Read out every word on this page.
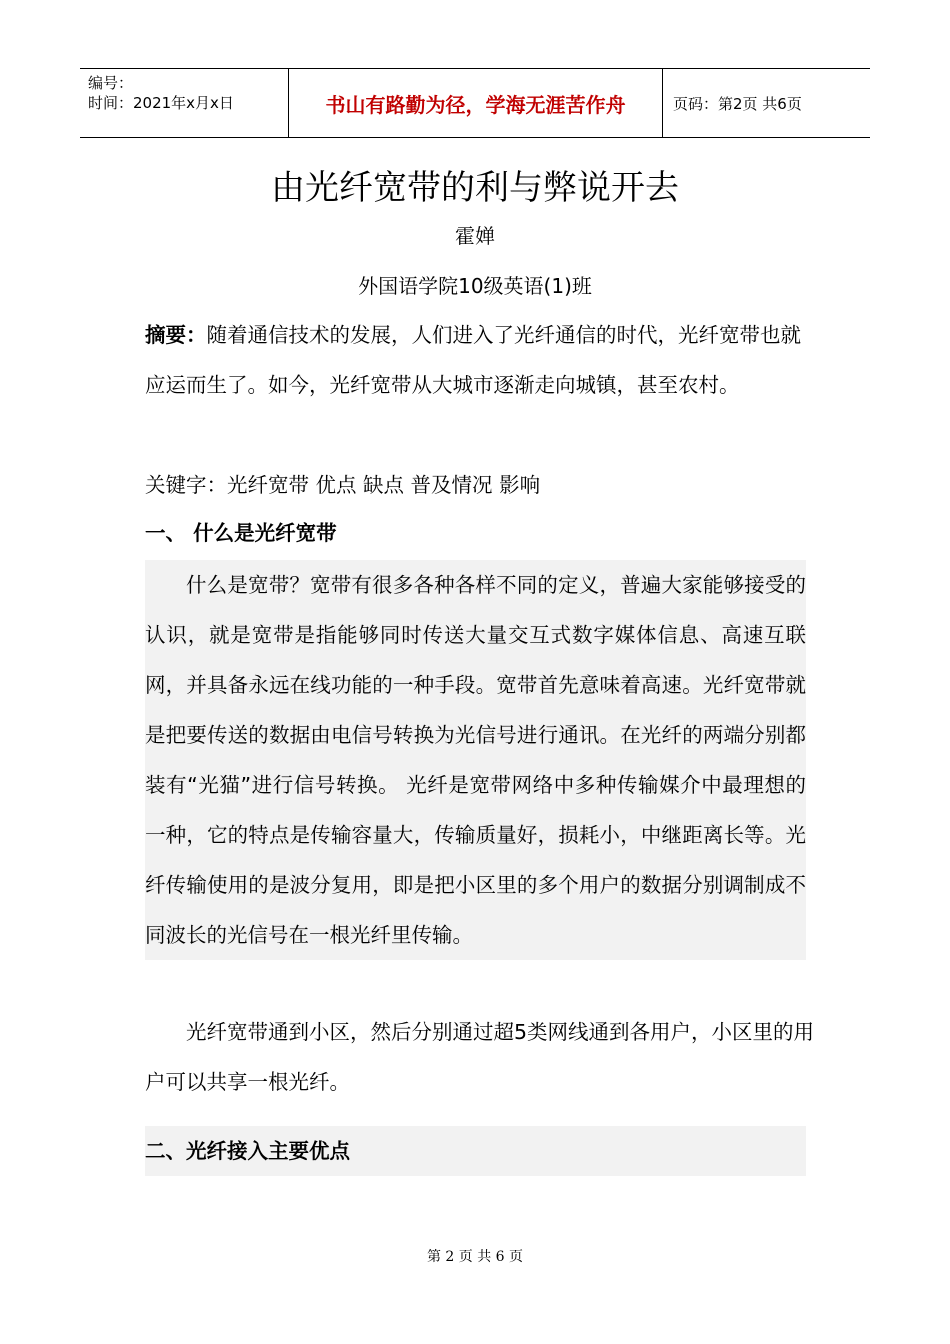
编号：
时间：2021年x月x日	书山有路勤为径，学海无涯苦作舟	页码：第2页 共6页
由光纤宽带的利与弊说开去
霍婵
外国语学院10级英语(1)班

摘要：随着通信技术的发展，人们进入了光纤通信的时代，光纤宽带也就应运而生了。如今，光纤宽带从大城市逐渐走向城镇，甚至农村。

关键字：光纤宽带 优点 缺点 普及情况 影响

一、 什么是光纤宽带

什么是宽带？宽带有很多各种各样不同的定义，普遍大家能够接受的认识，就是宽带是指能够同时传送大量交互式数字媒体信息、高速互联网，并具备永远在线功能的一种手段。宽带首先意味着高速。光纤宽带就是把要传送的数据由电信号转换为光信号进行通讯。在光纤的两端分别都装有“光猫”进行信号转换。 光纤是宽带网络中多种传输媒介中最理想的一种，它的特点是传输容量大，传输质量好，损耗小，中继距离长等。光纤传输使用的是波分复用，即是把小区里的多个用户的数据分别调制成不同波长的光信号在一根光纤里传输。

光纤宽带通到小区，然后分别通过超5类网线通到各用户，小区里的用户可以共享一根光纤。

二、光纤接入主要优点

第 2 页 共 6 页
